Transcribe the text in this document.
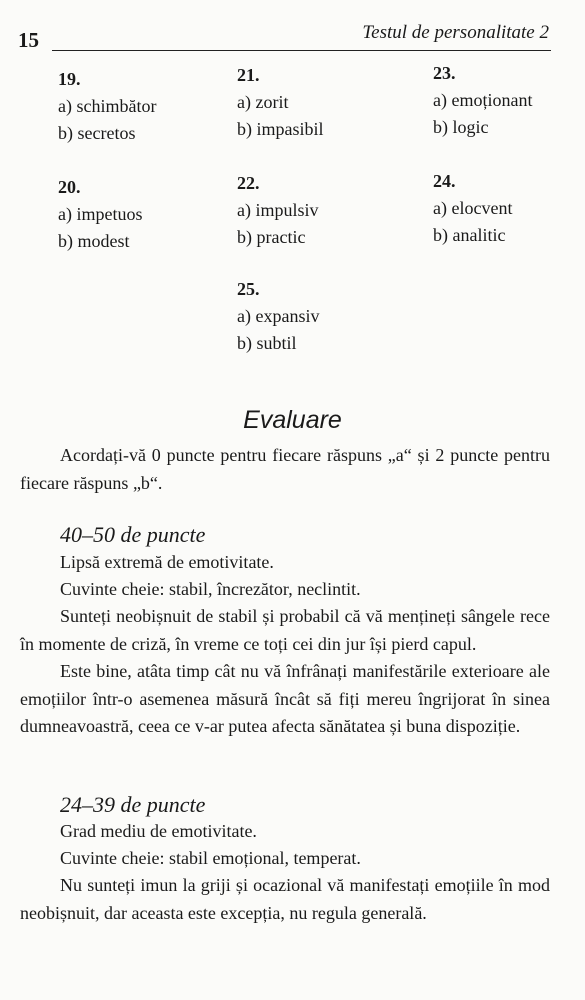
15	Testul de personalitate 2
19.
a) schimbător
b) secretos
21.
a) zorit
b) impasibil
23.
a) emoționant
b) logic
20.
a) impetuos
b) modest
22.
a) impulsiv
b) practic
24.
a) elocvent
b) analitic
25.
a) expansiv
b) subtil
Evaluare

Acordați-vă 0 puncte pentru fiecare răspuns „a“ și 2 puncte pentru fiecare răspuns „b“.

40–50 de puncte
Lipsă extremă de emotivitate.
Cuvinte cheie: stabil, încrezător, neclintit.

Sunteți neobișnuit de stabil și probabil că vă mențineți sângele rece în momente de criză, în vreme ce toți cei din jur își pierd capul.

Este bine, atâta timp cât nu vă înfrânați manifestările exterioare ale emoțiilor într-o asemenea măsură încât să fiți mereu îngrijorat în sinea dumneavoastră, ceea ce v-ar putea afecta sănătatea și buna dispoziție.

24–39 de puncte
Grad mediu de emotivitate.
Cuvinte cheie: stabil emoțional, temperat.

Nu sunteți imun la griji și ocazional vă manifestați emoțiile în mod neobișnuit, dar aceasta este excepția, nu regula generală.
